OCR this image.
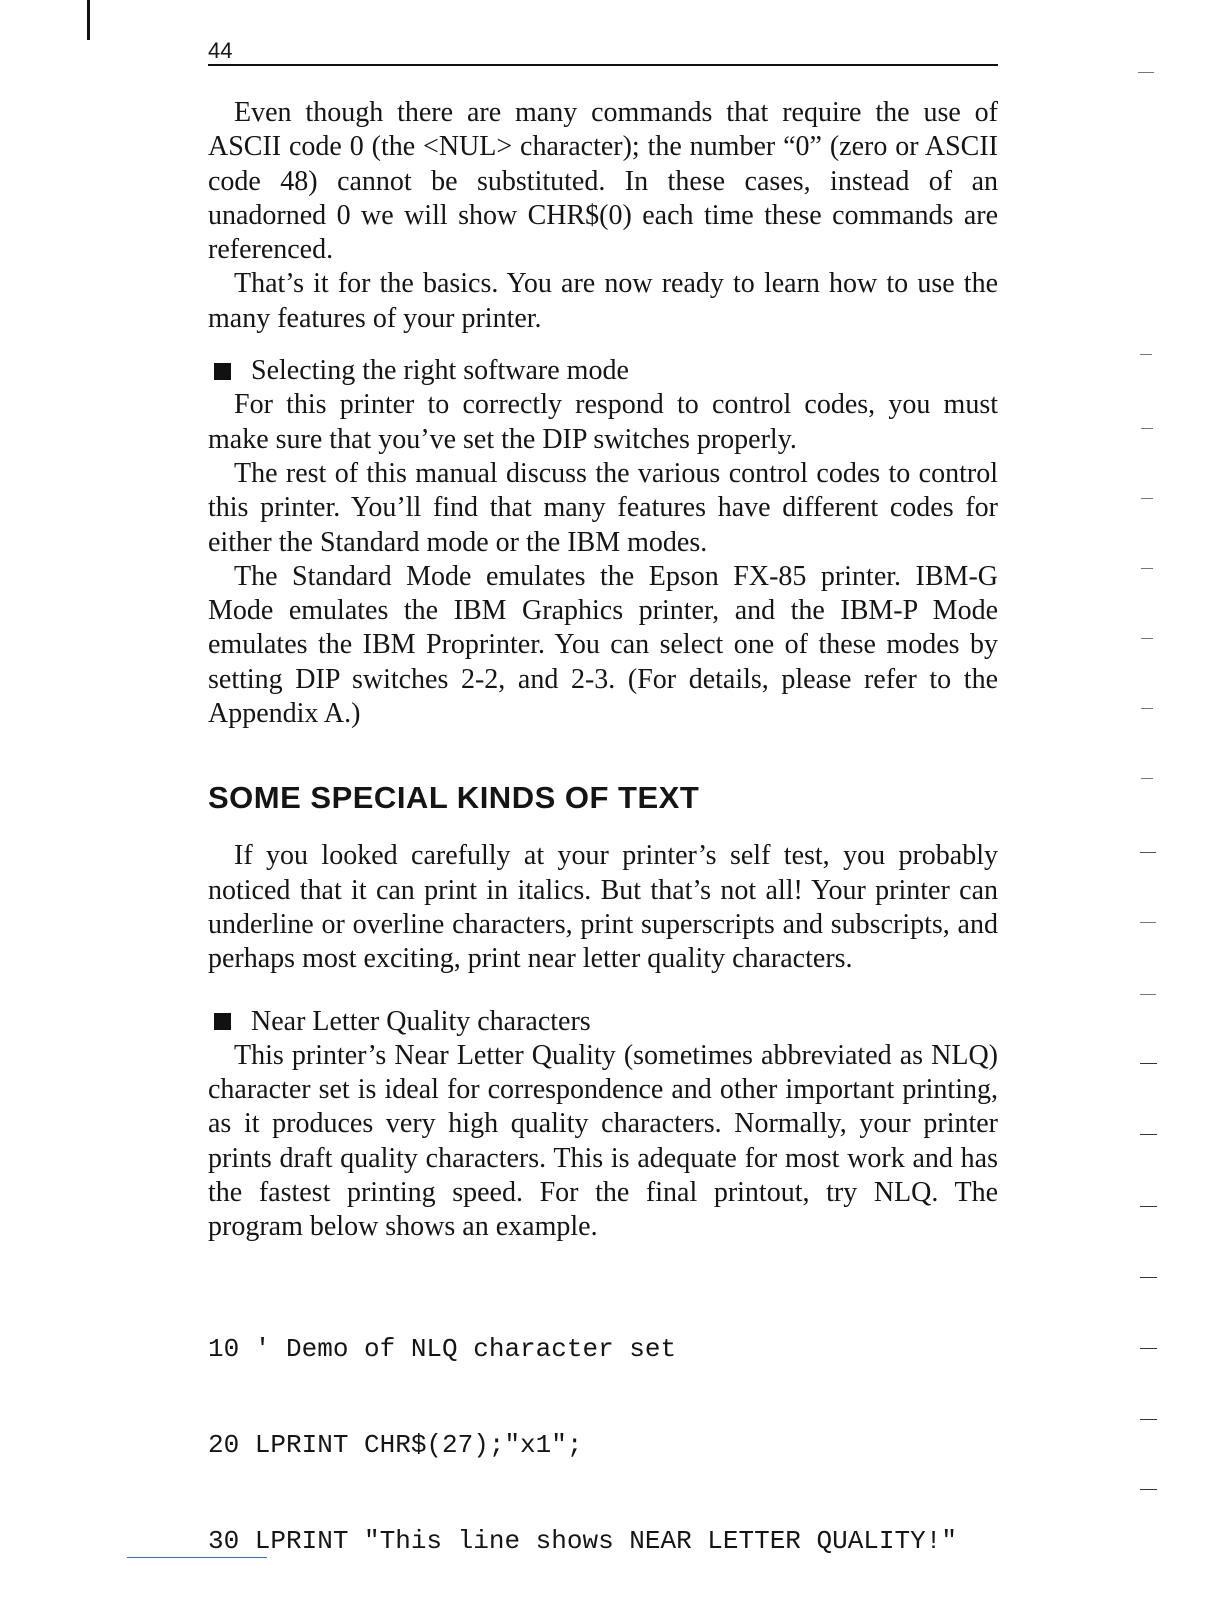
44

Even though there are many commands that require the use of ASCII code 0 (the <NUL> character); the number “0” (zero or ASCII code 48) cannot be substituted. In these cases, instead of an unadorned 0 we will show CHR$(0) each time these commands are referenced.

That’s it for the basics. You are now ready to learn how to use the many features of your printer.

Selecting the right software mode

For this printer to correctly respond to control codes, you must make sure that you’ve set the DIP switches properly.

The rest of this manual discuss the various control codes to control this printer. You’ll find that many features have different codes for either the Standard mode or the IBM modes.

The Standard Mode emulates the Epson FX-85 printer. IBM-G Mode emulates the IBM Graphics printer, and the IBM-P Mode emulates the IBM Proprinter. You can select one of these modes by setting DIP switches 2-2, and 2-3. (For details, please refer to the Appendix A.)

SOME SPECIAL KINDS OF TEXT

If you looked carefully at your printer’s self test, you probably noticed that it can print in italics. But that’s not all! Your printer can underline or overline characters, print superscripts and subscripts, and perhaps most exciting, print near letter quality characters.

Near Letter Quality characters

This printer’s Near Letter Quality (sometimes abbreviated as NLQ) character set is ideal for correspondence and other important printing, as it produces very high quality characters. Normally, your printer prints draft quality characters. This is adequate for most work and has the fastest printing speed. For the final printout, try NLQ. The program below shows an example.

10 ' Demo of NLQ character set

20 LPRINT CHR$(27);"x1";

30 LPRINT "This line shows NEAR LETTER QUALITY!"
